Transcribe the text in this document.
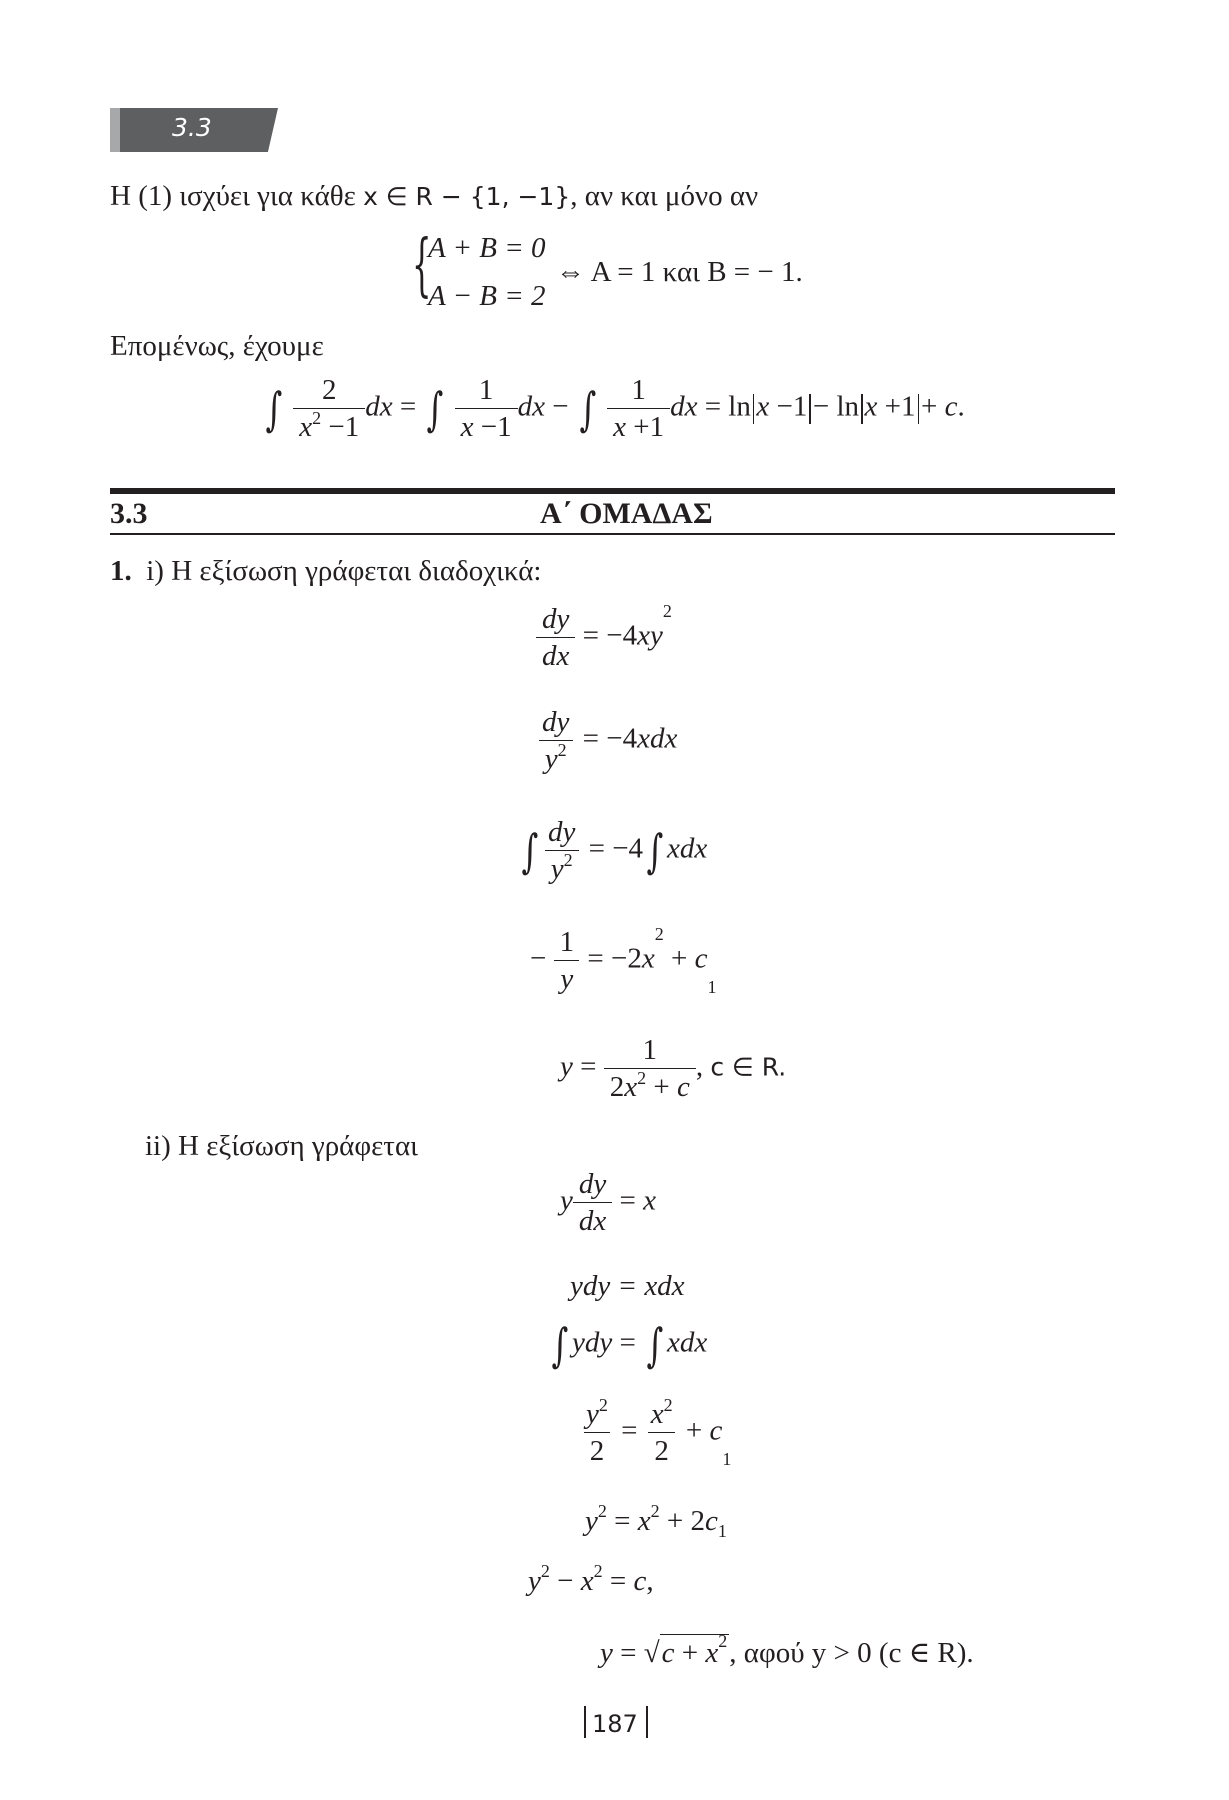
3.3
Η (1) ισχύει για κάθε x ∈ R − {1, −1}, αν και μόνο αν
{
A + B = 0
A − B = 2
⇔ A = 1 και B = − 1.
Επομένως, έχουμε
∫ $\frac{2}{x^2 -1}$ dx = ∫ $\frac{1}{x -1}$ dx − ∫ $\frac{1}{x +1}$ dx = ln x −1 − ln x +1 + c.
3.3	Α΄ ΟΜΑΔΑΣ
1. i) Η εξίσωση γράφεται διαδοχικά:
$\frac{dy}{dx} = -4xy^2$
$\frac{dy}{y^2} = -4xdx$
∫ $\frac{dy}{y^2} = -4\int$ xdx
− $\frac{1}{y} = -2x^2 + c_1$
$y = \frac{1}{2x^2 + c}$ , c ∈ R.
ii) Η εξίσωση γράφεται
y $\frac{dy}{dx} = x$
ydy = xdx
∫ ydy = ∫ xdx
$\frac{y^2}{2} = \frac{x^2}{2} + c_1$
$y^2 = x^2 + 2c_1$
$y^2 - x^2 = c$,
$y = √c + x^2$, αφού y > 0 (c ∈ R).
187
